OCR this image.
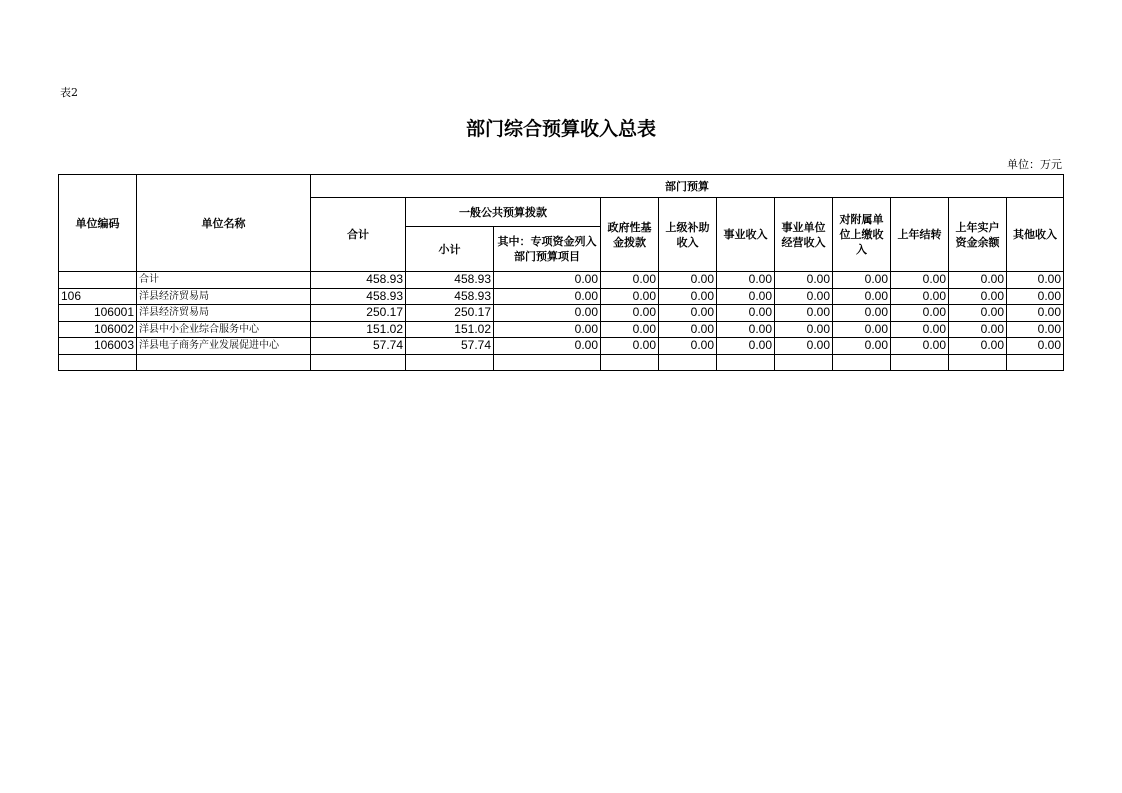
表2
部门综合预算收入总表
单位：万元
单位编码	单位名称	部门预算										
		合计	一般公共预算拨款		政府性基金拨款	上级补助收入	事业收入	事业单位经营收入	对附属单位上缴收入	上年结转	上年实户资金余额	其他收入
			小计	其中：专项资金列入部门预算项目								
	合计	458.93	458.93	0.00	0.00	0.00	0.00	0.00	0.00	0.00	0.00	0.00
106	洋县经济贸易局	458.93	458.93	0.00	0.00	0.00	0.00	0.00	0.00	0.00	0.00	0.00
106001	洋县经济贸易局	250.17	250.17	0.00	0.00	0.00	0.00	0.00	0.00	0.00	0.00	0.00
106002	洋县中小企业综合服务中心	151.02	151.02	0.00	0.00	0.00	0.00	0.00	0.00	0.00	0.00	0.00
106003	洋县电子商务产业发展促进中心	57.74	57.74	0.00	0.00	0.00	0.00	0.00	0.00	0.00	0.00	0.00
